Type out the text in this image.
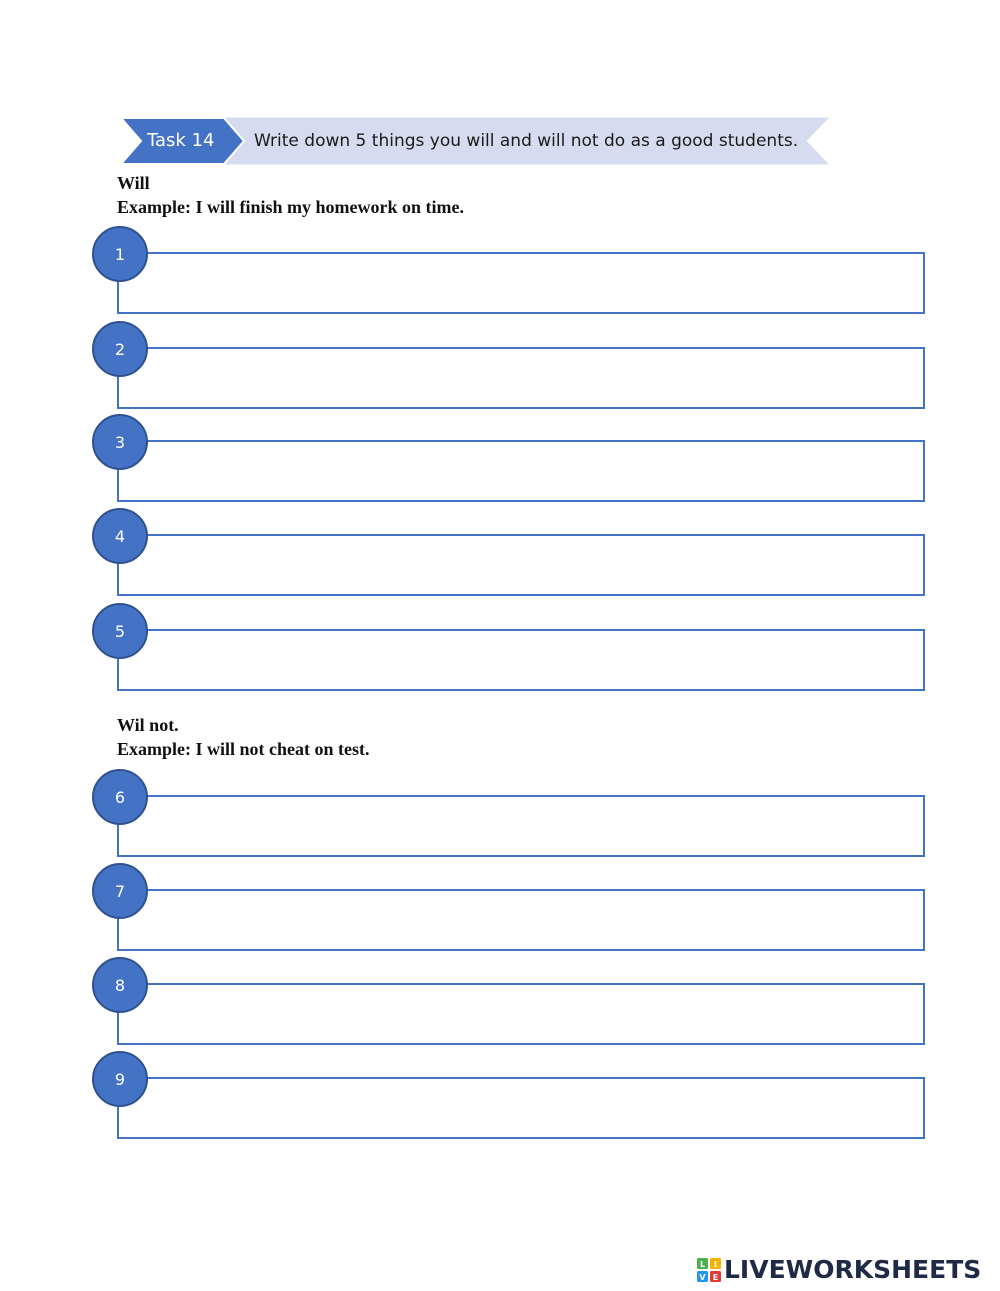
Task 14 Write down 5 things you will and will not do as a good students.
Will
Example: I will finish my homework on time.
1
2
3
4
5
Wil not.
Example: I will not cheat on test.
6
7
8
9
L I
V E LIVEWORKSHEETS
